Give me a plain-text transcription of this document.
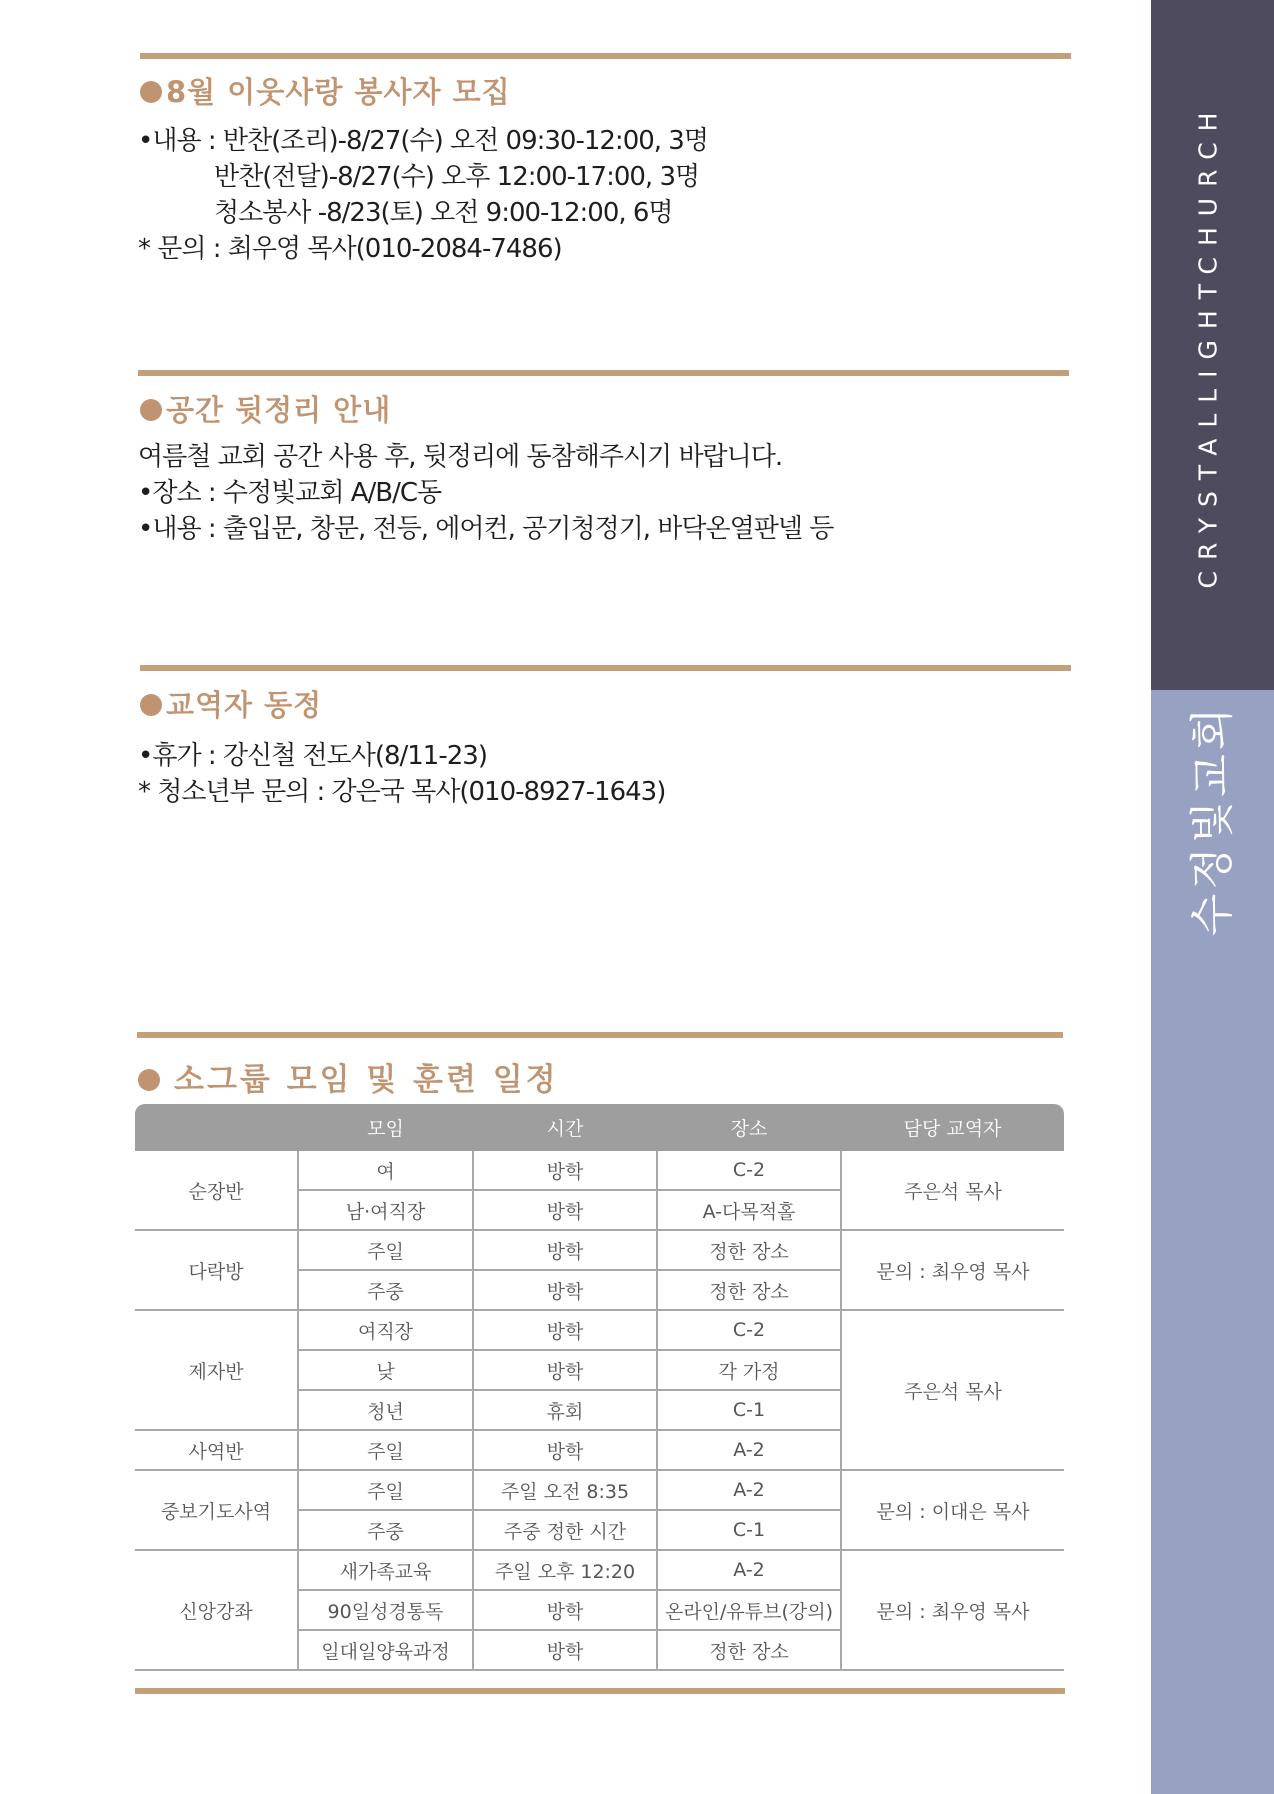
CRYSTALLIGHTCHURCH
수정빛교회
8월 이웃사랑 봉사자 모집
•내용 : 반찬(조리)-8/27(수) 오전 09:30-12:00, 3명
반찬(전달)-8/27(수) 오후 12:00-17:00, 3명
청소봉사 -8/23(토) 오전 9:00-12:00, 6명
* 문의 : 최우영 목사(010-2084-7486)
공간 뒷정리 안내
여름철 교회 공간 사용 후, 뒷정리에 동참해주시기 바랍니다.
•장소 : 수정빛교회 A/B/C동
•내용 : 출입문, 창문, 전등, 에어컨, 공기청정기, 바닥온열판넬 등
교역자 동정
•휴가 : 강신철 전도사(8/11-23)
* 청소년부 문의 : 강은국 목사(010-8927-1643)
소그룹 모임 및 훈련 일정
	모임	시간	장소	담당 교역자
순장반	여	방학	C-2	주은석 목사
	남·여직장	방학	A-다목적홀	
다락방	주일	방학	정한 장소	문의 : 최우영 목사
	주중	방학	정한 장소	
제자반	여직장	방학	C-2	주은석 목사
	낮	방학	각 가정	
	청년	휴회	C-1	
사역반	주일	방학	A-2	
중보기도사역	주일	주일 오전 8:35	A-2	문의 : 이대은 목사
	주중	주중 정한 시간	C-1	
신앙강좌	새가족교육	주일 오후 12:20	A-2	문의 : 최우영 목사
	90일성경통독	방학	온라인/유튜브(강의)	
	일대일양육과정	방학	정한 장소	
